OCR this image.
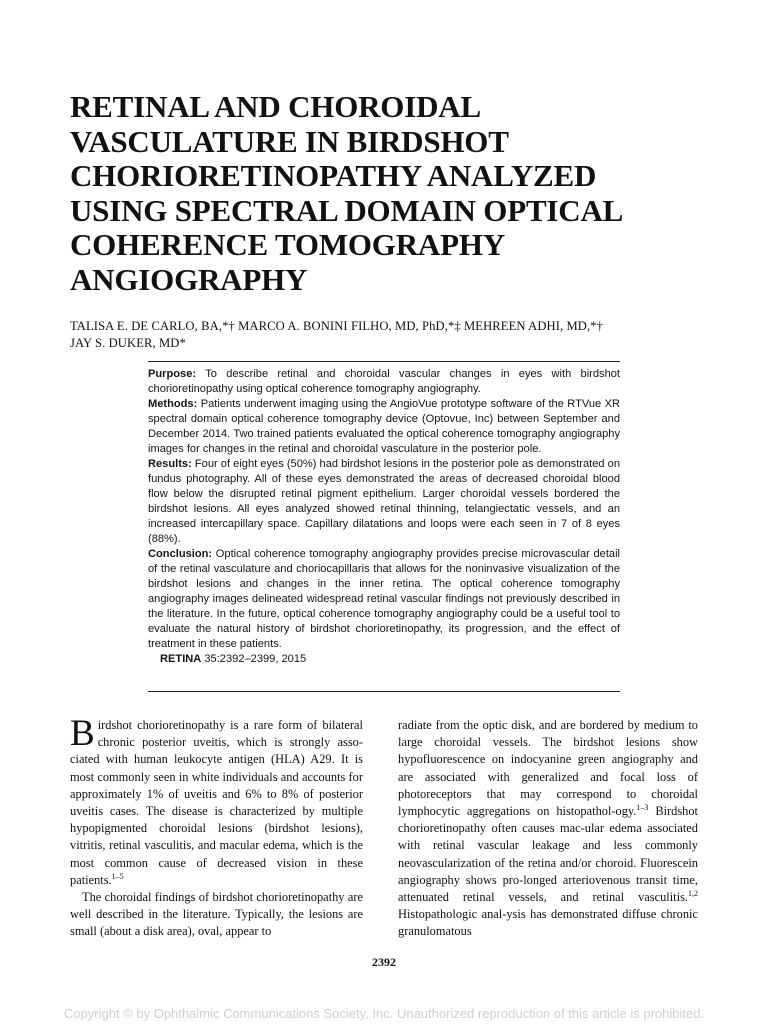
RETINAL AND CHOROIDAL
VASCULATURE IN BIRDSHOT
CHORIORETINOPATHY ANALYZED
USING SPECTRAL DOMAIN OPTICAL
COHERENCE TOMOGRAPHY
ANGIOGRAPHY
TALISA E. DE CARLO, BA,*† MARCO A. BONINI FILHO, MD, PhD,*‡ MEHREEN ADHI, MD,*†
JAY S. DUKER, MD*

Purpose: To describe retinal and choroidal vascular changes in eyes with birdshot chorioretinopathy using optical coherence tomography angiography.

Methods: Patients underwent imaging using the AngioVue prototype software of the RTVue XR spectral domain optical coherence tomography device (Optovue, Inc) between September and December 2014. Two trained patients evaluated the optical coherence tomography angiography images for changes in the retinal and choroidal vasculature in the posterior pole.

Results: Four of eight eyes (50%) had birdshot lesions in the posterior pole as demonstrated on fundus photography. All of these eyes demonstrated the areas of decreased choroidal blood flow below the disrupted retinal pigment epithelium. Larger choroidal vessels bordered the birdshot lesions. All eyes analyzed showed retinal thinning, telangiectatic vessels, and an increased intercapillary space. Capillary dilatations and loops were each seen in 7 of 8 eyes (88%).

Conclusion: Optical coherence tomography angiography provides precise microvascular detail of the retinal vasculature and choriocapillaris that allows for the noninvasive visualization of the birdshot lesions and changes in the inner retina. The optical coherence tomography angiography images delineated widespread retinal vascular findings not previously described in the literature. In the future, optical coherence tomography angiography could be a useful tool to evaluate the natural history of birdshot chorioretinopathy, its progression, and the effect of treatment in these patients.

RETINA 35:2392–2399, 2015

Birdshot chorioretinopathy is a rare form of bilateral chronic posterior uveitis, which is strongly asso-ciated with human leukocyte antigen (HLA) A29. It is most commonly seen in white individuals and accounts for approximately 1% of uveitis and 6% to 8% of posterior uveitis cases. The disease is characterized by multiple hypopigmented choroidal lesions (birdshot lesions), vitritis, retinal vasculitis, and macular edema, which is the most common cause of decreased vision in these patients.$^{1-5}$

The choroidal findings of birdshot chorioretinopathy are well described in the literature. Typically, the lesions are small (about a disk area), oval, appear to

radiate from the optic disk, and are bordered by medium to large choroidal vessels. The birdshot lesions show hypofluorescence on indocyanine green angiography and are associated with generalized and focal loss of photoreceptors that may correspond to choroidal lymphocytic aggregations on histopathol-ogy.$^{1-3}$ Birdshot chorioretinopathy often causes mac-ular edema associated with retinal vascular leakage and less commonly neovascularization of the retina and/or choroid. Fluorescein angiography shows pro-longed arteriovenous transit time, attenuated retinal vessels, and retinal vasculitis.$^{1,2}$ Histopathologic anal-ysis has demonstrated diffuse chronic granulomatous

2392
Copyright © by Ophthalmic Communications Society, Inc. Unauthorized reproduction of this article is prohibited.
